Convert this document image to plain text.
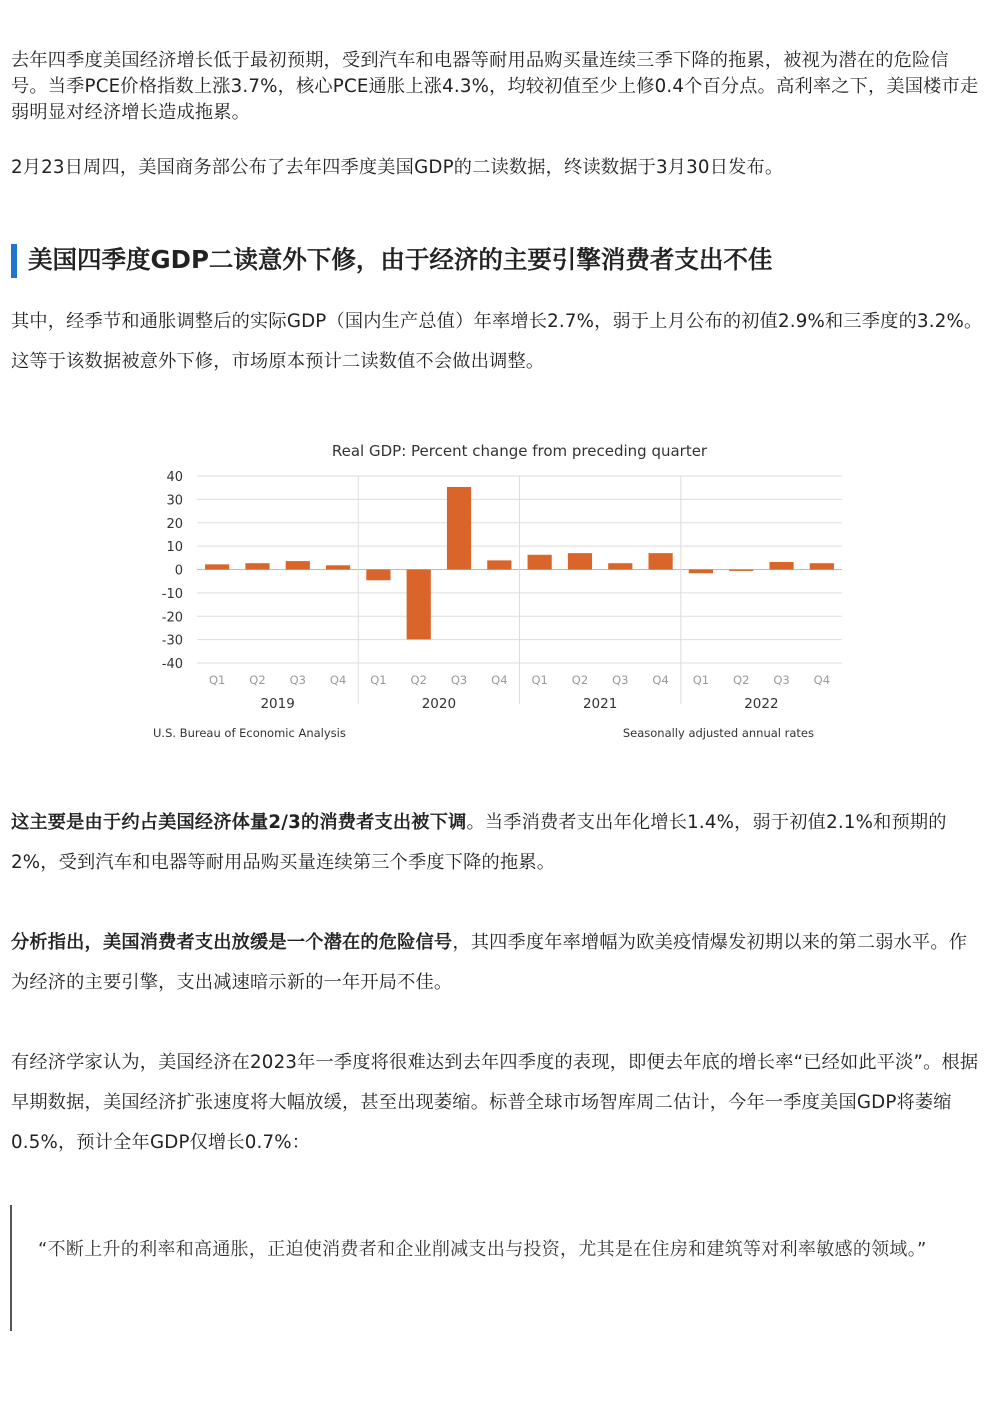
去年四季度美国经济增长低于最初预期，受到汽车和电器等耐用品购买量连续三季下降的拖累，被视为潜在的危险信号。当季PCE价格指数上涨3.7%，核心PCE通胀上涨4.3%，均较初值至少上修0.4个百分点。高利率之下，美国楼市走弱明显对经济增长造成拖累。

2月23日周四，美国商务部公布了去年四季度美国GDP的二读数据，终读数据于3月30日发布。

美国四季度GDP二读意外下修，由于经济的主要引擎消费者支出不佳

其中，经季节和通胀调整后的实际GDP（国内生产总值）年率增长2.7%，弱于上月公布的初值2.9%和三季度的3.2%。这等于该数据被意外下修，市场原本预计二读数值不会做出调整。

Real GDP: Percent change from preceding quarter
40
30
20
10
0
-10
-20
-30
-40
Q1 Q2 Q3 Q4 Q1 Q2 Q3 Q4 Q1 Q2 Q3 Q4 Q1 Q2 Q3 Q4
2019	2020	2021	2022
U.S. Bureau of Economic Analysis	Seasonally adjusted annual rates

这主要是由于约占美国经济体量2/3的消费者支出被下调。当季消费者支出年化增长1.4%，弱于初值2.1%和预期的2%，受到汽车和电器等耐用品购买量连续第三个季度下降的拖累。

分析指出，美国消费者支出放缓是一个潜在的危险信号，其四季度年率增幅为欧美疫情爆发初期以来的第二弱水平。作为经济的主要引擎，支出减速暗示新的一年开局不佳。

有经济学家认为，美国经济在2023年一季度将很难达到去年四季度的表现，即便去年底的增长率“已经如此平淡”。根据早期数据，美国经济扩张速度将大幅放缓，甚至出现萎缩。标普全球市场智库周二估计，今年一季度美国GDP将萎缩0.5%，预计全年GDP仅增长0.7%：

“不断上升的利率和高通胀，正迫使消费者和企业削减支出与投资，尤其是在住房和建筑等对利率敏感的领域。”
